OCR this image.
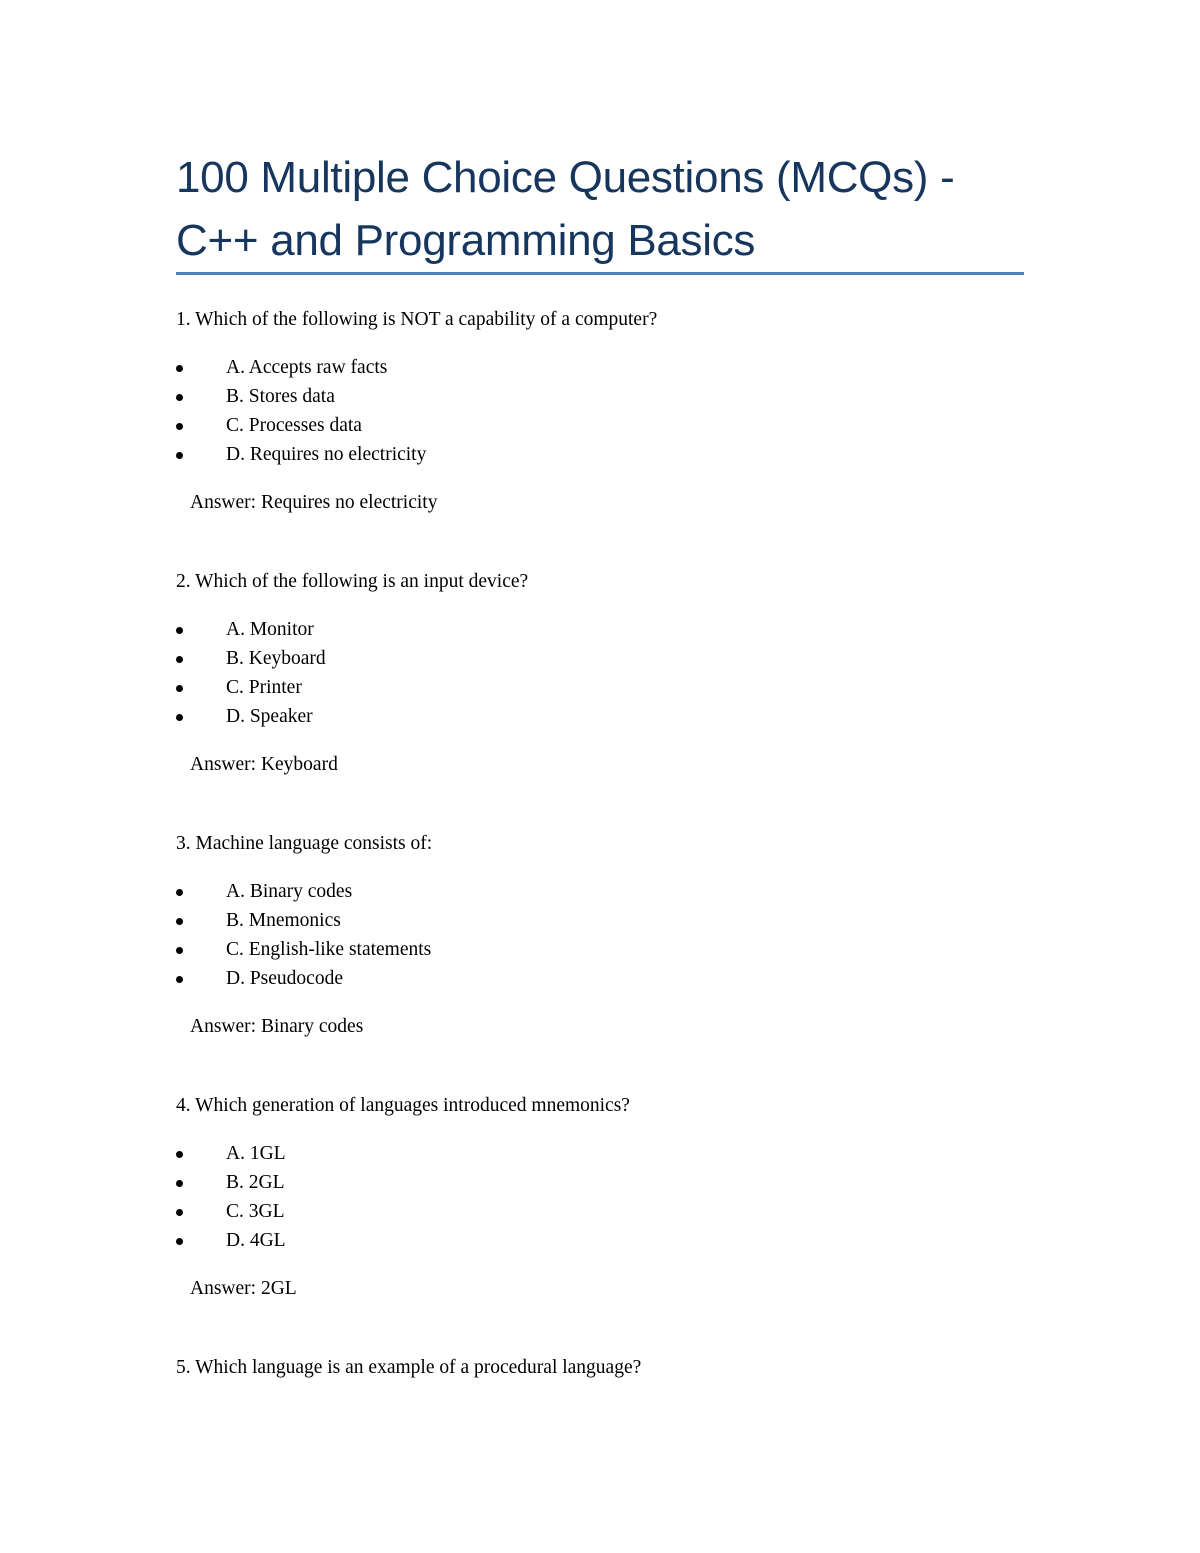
100 Multiple Choice Questions (MCQs) -
C++ and Programming Basics
1. Which of the following is NOT a capability of a computer?
A. Accepts raw facts
B. Stores data
C. Processes data
D. Requires no electricity
Answer: Requires no electricity
2. Which of the following is an input device?
A. Monitor
B. Keyboard
C. Printer
D. Speaker
Answer: Keyboard
3. Machine language consists of:
A. Binary codes
B. Mnemonics
C. English-like statements
D. Pseudocode
Answer: Binary codes
4. Which generation of languages introduced mnemonics?
A. 1GL
B. 2GL
C. 3GL
D. 4GL
Answer: 2GL
5. Which language is an example of a procedural language?
